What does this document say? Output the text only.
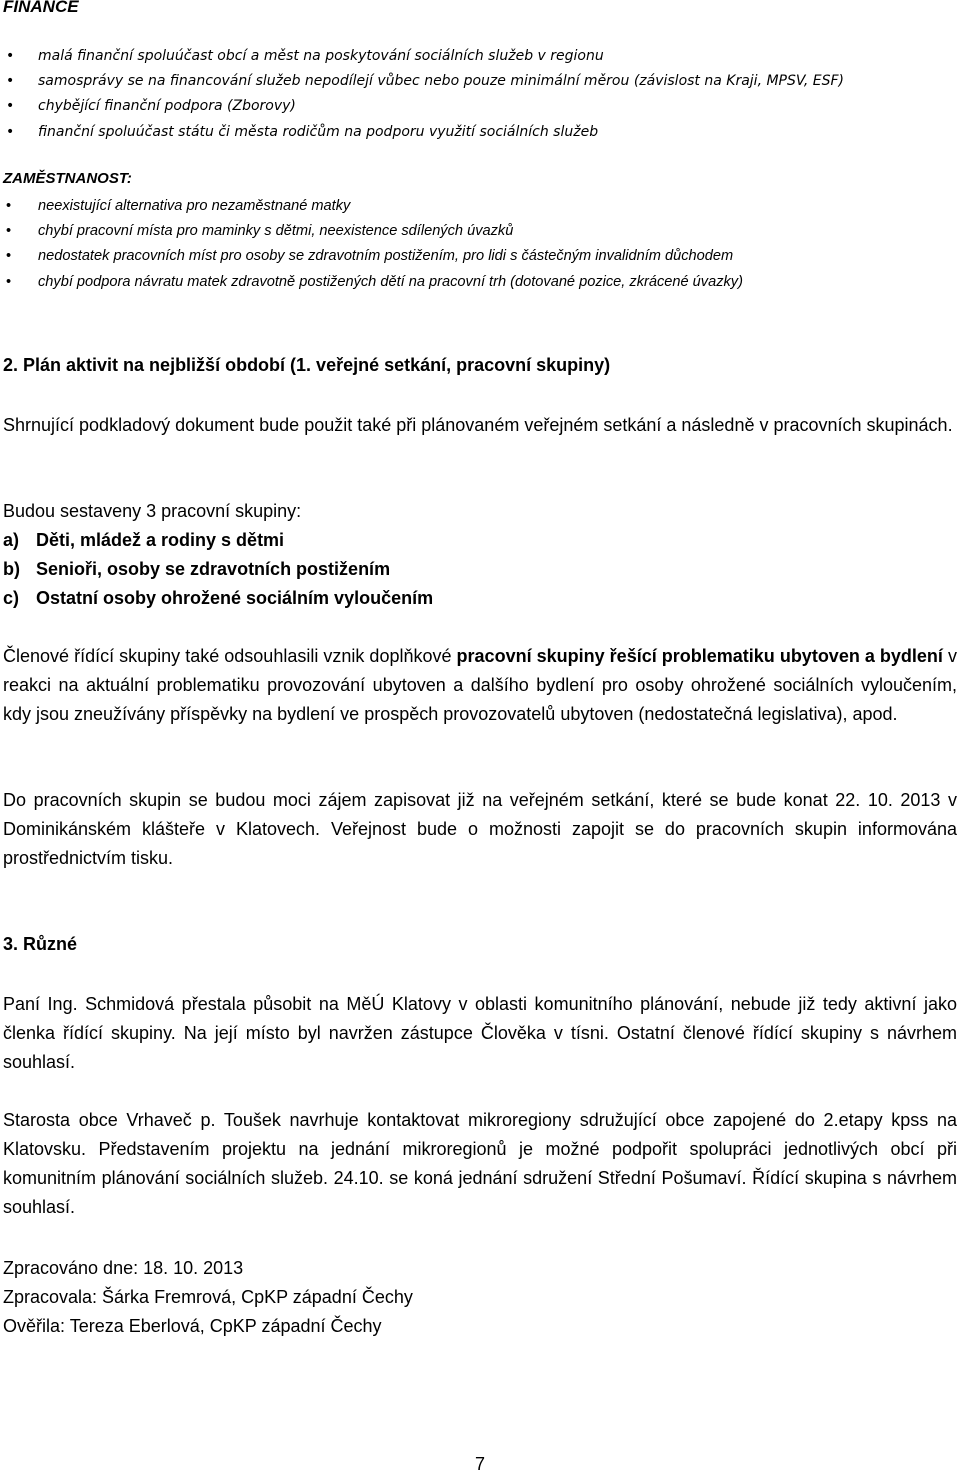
FINANCE
• malá finanční spoluúčast obcí a měst na poskytování sociálních služeb v regionu
• samosprávy se na financování služeb nepodílejí vůbec nebo pouze minimální měrou (závislost na Kraji, MPSV, ESF)
• chybějící finanční podpora (Zborovy)
• finanční spoluúčast státu či města rodičům na podporu využití sociálních služeb
ZAMĚSTNANOST:
• neexistující alternativa pro nezaměstnané matky
• chybí pracovní místa pro maminky s dětmi, neexistence sdílených úvazků
• nedostatek pracovních míst pro osoby se zdravotním postižením, pro lidi s částečným invalidním důchodem
• chybí podpora návratu matek zdravotně postižených dětí na pracovní trh (dotované pozice, zkrácené úvazky)
2. Plán aktivit na nejbližší období (1. veřejné setkání, pracovní skupiny)

Shrnující podkladový dokument bude použit také při plánovaném veřejném setkání a následně v pracovních skupinách.

Budou sestaveny 3 pracovní skupiny:

a) Děti, mládež a rodiny s dětmi
b) Senioři, osoby se zdravotních postižením
c) Ostatní osoby ohrožené sociálním vyloučením

Členové řídící skupiny také odsouhlasili vznik doplňkové pracovní skupiny řešící problematiku ubytoven a bydlení v reakci na aktuální problematiku provozování ubytoven a dalšího bydlení pro osoby ohrožené sociálních vyloučením, kdy jsou zneužívány příspěvky na bydlení ve prospěch provozovatelů ubytoven (nedostatečná legislativa), apod.

Do pracovních skupin se budou moci zájem zapisovat již na veřejném setkání, které se bude konat 22. 10. 2013 v Dominikánském klášteře v Klatovech. Veřejnost bude o možnosti zapojit se do pracovních skupin informována prostřednictvím tisku.

3. Různé

Paní Ing. Schmidová přestala působit na MěÚ Klatovy v oblasti komunitního plánování, nebude již tedy aktivní jako členka řídící skupiny. Na její místo byl navržen zástupce Člověka v tísni. Ostatní členové řídící skupiny s návrhem souhlasí.

Starosta obce Vrhaveč p. Toušek navrhuje kontaktovat mikroregiony sdružující obce zapojené do 2.etapy kpss na Klatovsku. Představením projektu na jednání mikroregionů je možné podpořit spolupráci jednotlivých obcí při komunitním plánování sociálních služeb. 24.10. se koná jednání sdružení Střední Pošumaví. Řídící skupina s návrhem souhlasí.

Zpracováno dne: 18. 10. 2013

Zpracovala: Šárka Fremrová, CpKP západní Čechy

Ověřila: Tereza Eberlová, CpKP západní Čechy

7
